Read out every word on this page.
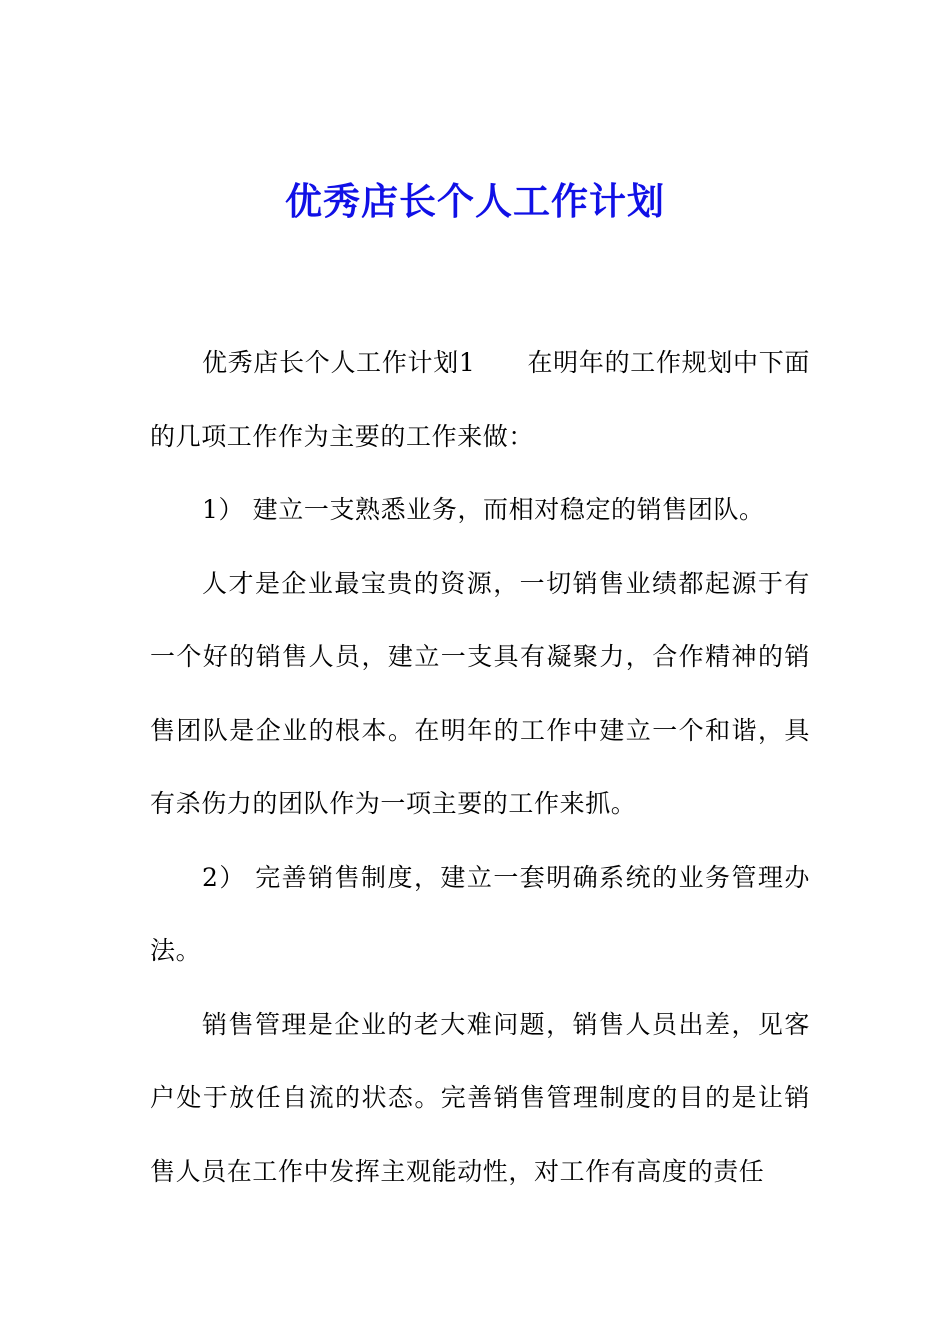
优秀店长个人工作计划

优秀店长个人工作计划1 在明年的工作规划中下面的几项工作作为主要的工作来做：

1） 建立一支熟悉业务，而相对稳定的销售团队。

人才是企业最宝贵的资源，一切销售业绩都起源于有一个好的销售人员，建立一支具有凝聚力，合作精神的销售团队是企业的根本。在明年的工作中建立一个和谐，具有杀伤力的团队作为一项主要的工作来抓。

2） 完善销售制度，建立一套明确系统的业务管理办法。

销售管理是企业的老大难问题，销售人员出差，见客户处于放任自流的状态。完善销售管理制度的目的是让销售人员在工作中发挥主观能动性，对工作有高度的责任
